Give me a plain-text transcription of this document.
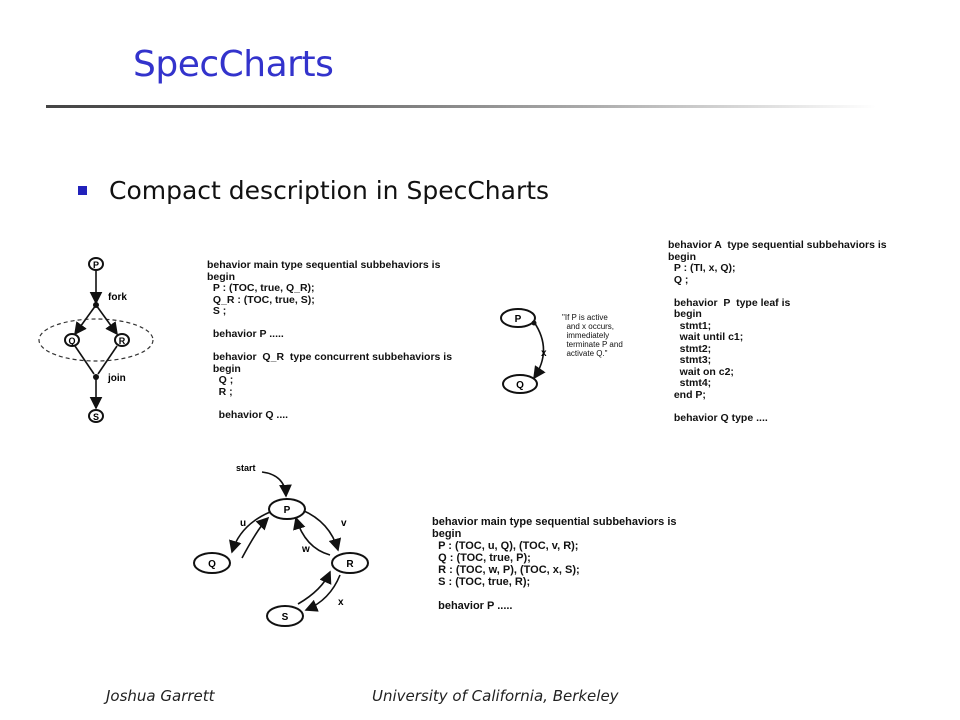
SpecCharts
Compact description in SpecCharts
P
Q	R
S
fork
join
P
Q
x
P
Q	R
S
start
u	v
w
x
behavior main type sequential subbehaviors is
begin
P : (TOC, true, Q_R);
Q_R : (TOC, true, S);
S ;

behavior P .....

behavior  Q_R  type concurrent subbehaviors is
begin
Q ;
R ;

behavior Q ....
"If P is active
and x occurs,
immediately
terminate P and
activate Q."
behavior A  type sequential subbehaviors is
begin
P : (TI, x, Q);
Q ;

behavior  P  type leaf is
begin
stmt1;
wait until c1;
stmt2;
stmt3;
wait on c2;
stmt4;
end P;

behavior Q type ....
behavior main type sequential subbehaviors is
begin
P : (TOC, u, Q), (TOC, v, R);
Q : (TOC, true, P);
R : (TOC, w, P), (TOC, x, S);
S : (TOC, true, R);

behavior P .....
Joshua Garrett	University of California, Berkeley
